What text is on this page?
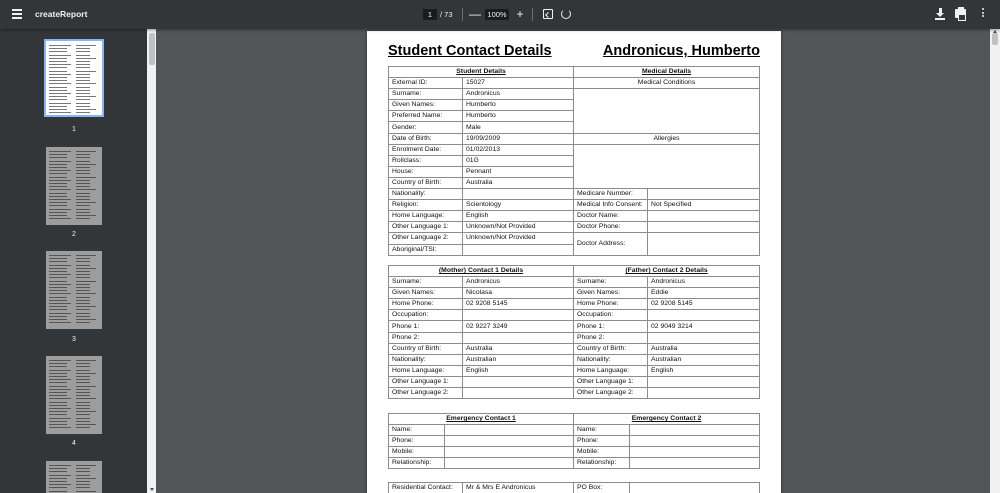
createReport	1	/ 73 — 100% +
1
2
3
4
Student Contact Details	Andronicus, Humberto
Student Details		Medical Details	
External ID:	15027	Medical Conditions	
Surname:	Andronicus		
Given Names:	Humberto		
Preferred Name:	Humberto		
Gender:	Male		
Date of Birth:	19/09/2009	Allergies	
Enrolment Date:	01/02/2013		
Rollclass:	01G		
House:	Pennant		
Country of Birth:	Australia		
Nationality:		Medicare Number:	
Religion:	Scientology	Medical Info Consent:	Not Specified
Home Language:	English	Doctor Name:	
Other Language 1:	Unknown/Not Provided	Doctor Phone:	
Other Language 2:	Unknown/Not Provided	Doctor Address:	
Aboriginal/TSI:			
(Mother) Contact 1 Details		(Father) Contact 2 Details	
Surname:	Andronicus	Surname:	Andronicus
Given Names:	Nicolasa	Given Names:	Eddie
Home Phone:	02 9208 5145	Home Phone:	02 9208 5145
Occupation:		Occupation:	
Phone 1:	02 9227 3249	Phone 1:	02 9049 3214
Phone 2:		Phone 2:	
Country of Birth:	Australia	Country of Birth:	Australia
Nationality:	Australian	Nationality:	Australian
Home Language:	English	Home Language:	English
Other Language 1:		Other Language 1:	
Other Language 2:		Other Language 2:	
Emergency Contact 1		Emergency Contact 2	
Name:		Name:	
Phone:		Phone:	
Mobile:		Mobile:	
Relationship:		Relationship:	
Residential Contact:	Mr & Mrs E Andronicus	PO Box:	
